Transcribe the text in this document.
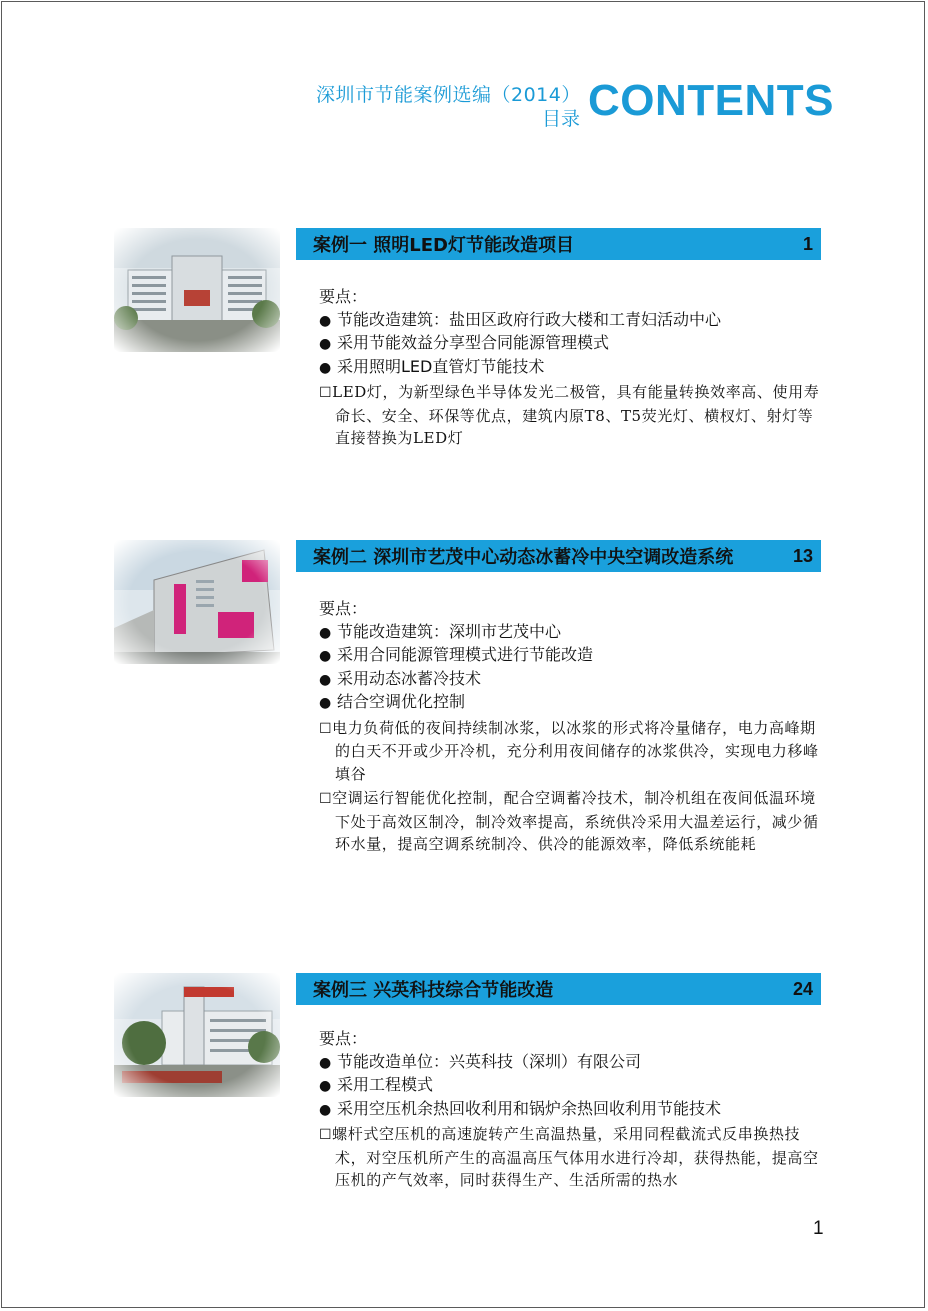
深圳市节能案例选编（2014）
目录 CONTENTS
案例一 照明LED灯节能改造项目	1
要点：
● 节能改造建筑：盐田区政府行政大楼和工青妇活动中心
● 采用节能效益分享型合同能源管理模式
● 采用照明LED直管灯节能技术
☐LED灯，为新型绿色半导体发光二极管，具有能量转换效率高、使用寿命长、安全、环保等优点，建筑内原T8、T5荧光灯、横杈灯、射灯等直接替换为LED灯
案例二 深圳市艺茂中心动态冰蓄冷中央空调改造系统	13
要点：
● 节能改造建筑：深圳市艺茂中心
● 采用合同能源管理模式进行节能改造
● 采用动态冰蓄冷技术
● 结合空调优化控制
☐电力负荷低的夜间持续制冰浆，以冰浆的形式将冷量储存，电力高峰期的白天不开或少开冷机，充分利用夜间储存的冰浆供冷，实现电力移峰填谷
☐空调运行智能优化控制，配合空调蓄冷技术，制冷机组在夜间低温环境下处于高效区制冷，制冷效率提高，系统供冷采用大温差运行，减少循环水量，提高空调系统制冷、供冷的能源效率，降低系统能耗
案例三 兴英科技综合节能改造	24
要点：
● 节能改造单位：兴英科技（深圳）有限公司
● 采用工程模式
● 采用空压机余热回收利用和锅炉余热回收利用节能技术
☐螺杆式空压机的高速旋转产生高温热量，采用同程截流式反串换热技术，对空压机所产生的高温高压气体用水进行冷却，获得热能，提高空压机的产气效率，同时获得生产、生活所需的热水
1
